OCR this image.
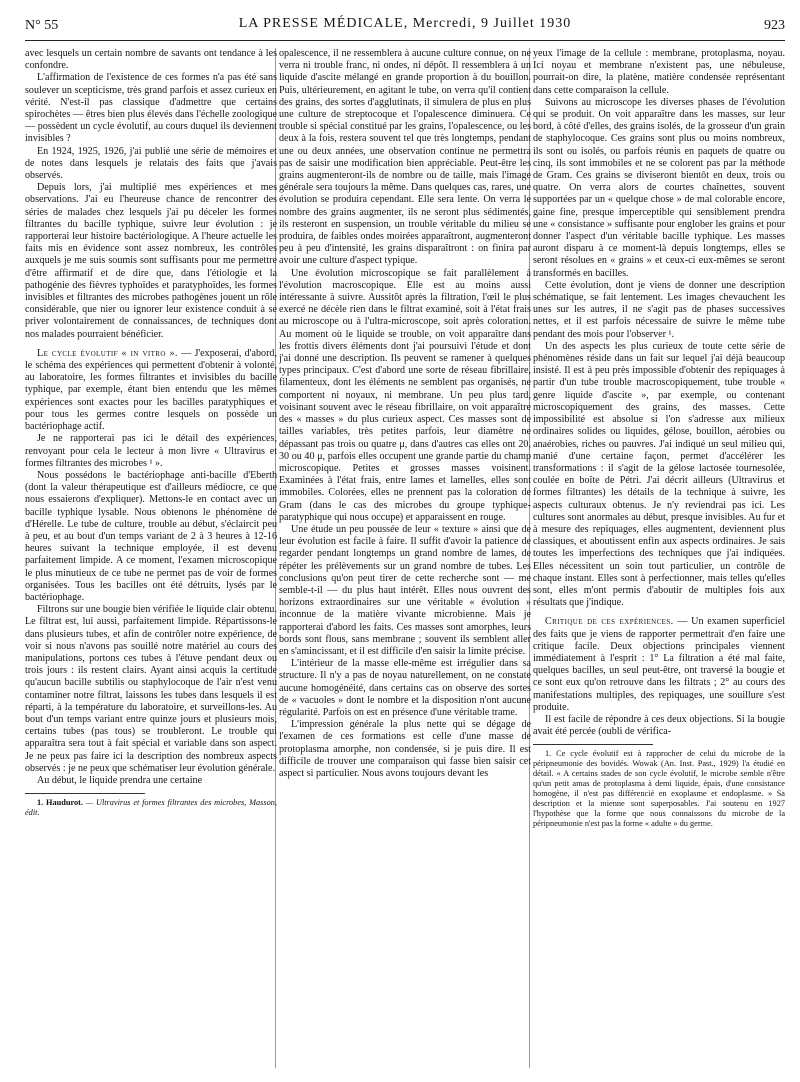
N° 55	LA PRESSE MÉDICALE, Mercredi, 9 Juillet 1930	923

avec lesquels un certain nombre de savants ont tendance à les confondre.

L'affirmation de l'existence de ces formes n'a pas été sans soulever un scepticisme, très grand parfois et assez curieux en vérité. N'est-il pas classique d'admettre que certains spirochètes — êtres bien plus élevés dans l'échelle zoologique — possèdent un cycle évolutif, au cours duquel ils deviennent invisibles ?

En 1924, 1925, 1926, j'ai publié une série de mémoires et de notes dans lesquels je relatais des faits que j'avais observés.

Depuis lors, j'ai multiplié mes expériences et mes observations. J'ai eu l'heureuse chance de rencontrer des séries de malades chez lesquels j'ai pu déceler les formes filtrantes du bacille typhique, suivre leur évolution : je rapporterai leur histoire bactériologique. A l'heure actuelle les faits mis en évidence sont assez nombreux, les contrôles auxquels je me suis soumis sont suffisants pour me permettre d'être affirmatif et de dire que, dans l'étiologie et la pathogénie des fièvres typhoïdes et paratyphoïdes, les formes invisibles et filtrantes des microbes pathogènes jouent un rôle considérable, que nier ou ignorer leur existence conduit à se priver volontairement de connaissances, de techniques dont nos malades pourraient bénéficier.

Le cycle évolutif « in vitro ». — J'exposerai, d'abord, le schéma des expériences qui permettent d'obtenir à volonté, au laboratoire, les formes filtrantes et invisibles du bacille typhique, par exemple, étant bien entendu que les mêmes expériences sont exactes pour les bacilles paratyphiques et pour tous les germes contre lesquels on possède un bactériophage actif.

Je ne rapporterai pas ici le détail des expériences, renvoyant pour cela le lecteur à mon livre « Ultravirus et formes filtrantes des microbes ¹ ».

Nous possédons le bactériophage anti-bacille d'Eberth (dont la valeur thérapeutique est d'ailleurs médiocre, ce que nous essaierons d'expliquer). Mettons-le en contact avec un bacille typhique lysable. Nous obtenons le phénomène de d'Hérelle. Le tube de culture, trouble au début, s'éclaircit peu à peu, et au bout d'un temps variant de 2 à 3 heures à 12-16 heures suivant la technique employée, il est devenu parfaitement limpide. A ce moment, l'examen microscopique le plus minutieux de ce tube ne permet pas de voir de formes organisées. Tous les bacilles ont été détruits, lysés par le bactériophage.

Filtrons sur une bougie bien vérifiée le liquide clair obtenu. Le filtrat est, lui aussi, parfaitement limpide. Répartissons-le dans plusieurs tubes, et afin de contrôler notre expérience, de voir si nous n'avons pas souillé notre matériel au cours des manipulations, portons ces tubes à l'étuve pendant deux ou trois jours : ils restent clairs. Ayant ainsi acquis la certitude qu'aucun bacille subtilis ou staphylocoque de l'air n'est venu contaminer notre filtrat, laissons les tubes dans lesquels il est réparti, à la température du laboratoire, et surveillons-les. Au bout d'un temps variant entre quinze jours et plusieurs mois, certains tubes (pas tous) se troubleront. Le trouble qui apparaîtra sera tout à fait spécial et variable dans son aspect. Je ne peux pas faire ici la description des nombreux aspects observés : je ne peux que schématiser leur évolution générale.

Au début, le liquide prendra une certaine

1. Haudurot. — Ultravirus et formes filtrantes des microbes, Masson, édit.

opalescence, il ne ressemblera à aucune culture connue, on ne verra ni trouble franc, ni ondes, ni dépôt. Il ressemblera à un liquide d'ascite mélangé en grande proportion à du bouillon. Puis, ultérieurement, en agitant le tube, on verra qu'il contient des grains, des sortes d'agglutinats, il simulera de plus en plus une culture de streptocoque et l'opalescence diminuera. Ce trouble si spécial constitué par les grains, l'opalescence, ou les deux à la fois, restera souvent tel que très longtemps, pendant une ou deux années, une observation continue ne permettra pas de saisir une modification bien appréciable. Peut-être les grains augmenteront-ils de nombre ou de taille, mais l'image générale sera toujours la même. Dans quelques cas, rares, une évolution se produira cependant. Elle sera lente. On verra le nombre des grains augmenter, ils ne seront plus sédimentés, ils resteront en suspension, un trouble véritable du milieu se produira, de faibles ondes moirées apparaîtront, augmenteront peu à peu d'intensité, les grains disparaîtront : on finira par avoir une culture d'aspect typique.

Une évolution microscopique se fait parallèlement à l'évolution macroscopique. Elle est au moins aussi intéressante à suivre. Aussitôt après la filtration, l'œil le plus exercé ne décèle rien dans le filtrat examiné, soit à l'état frais au microscope ou à l'ultra-microscope, soit après coloration. Au moment où le liquide se trouble, on voit apparaître dans les frottis divers éléments dont j'ai poursuivi l'étude et dont j'ai donné une description. Ils peuvent se ramener à quelques types principaux. C'est d'abord une sorte de réseau fibrillaire, filamenteux, dont les éléments ne semblent pas organisés, ne comportent ni noyaux, ni membrane. Un peu plus tard, voisinant souvent avec le réseau fibrillaire, on voit apparaître des « masses » du plus curieux aspect. Ces masses sont de tailles variables, très petites parfois, leur diamètre ne dépassant pas trois ou quatre μ, dans d'autres cas elles ont 20, 30 ou 40 μ, parfois elles occupent une grande partie du champ microscopique. Petites et grosses masses voisinent. Examinées à l'état frais, entre lames et lamelles, elles sont immobiles. Colorées, elles ne prennent pas la coloration de Gram (dans le cas des microbes du groupe typhique-paratyphique qui nous occupe) et apparaissent en rouge.

Une étude un peu poussée de leur « texture » ainsi que de leur évolution est facile à faire. Il suffit d'avoir la patience de regarder pendant longtemps un grand nombre de lames, de répéter les prélèvements sur un grand nombre de tubes. Les conclusions qu'on peut tirer de cette recherche sont — me semble-t-il — du plus haut intérêt. Elles nous ouvrent des horizons extraordinaires sur une véritable « évolution » inconnue de la matière vivante microbienne. Mais je rapporterai d'abord les faits. Ces masses sont amorphes, leurs bords sont flous, sans membrane ; souvent ils semblent aller en s'amincissant, et il est difficile d'en saisir la limite précise.

L'intérieur de la masse elle-même est irrégulier dans sa structure. Il n'y a pas de noyau naturellement, on ne constate aucune homogénéité, dans certains cas on observe des sortes de « vacuoles » dont le nombre et la disposition n'ont aucune régularité. Parfois on est en présence d'une véritable trame.

L'impression générale la plus nette qui se dégage de l'examen de ces formations est celle d'une masse de protoplasma amorphe, non condensée, si je puis dire. Il est difficile de trouver une comparaison qui fasse bien saisir cet aspect si particulier. Nous avons toujours devant les

yeux l'image de la cellule : membrane, protoplasma, noyau. Ici noyau et membrane n'existent pas, une nébuleuse, pourrait-on dire, la platène, matière condensée représentant dans cette comparaison la cellule.

Suivons au microscope les diverses phases de l'évolution qui se produit. On voit apparaître dans les masses, sur leur bord, à côté d'elles, des grains isolés, de la grosseur d'un grain de staphylocoque. Ces grains sont plus ou moins nombreux, ils sont ou isolés, ou parfois réunis en paquets de quatre ou cinq, ils sont immobiles et ne se colorent pas par la méthode de Gram. Ces grains se diviseront bientôt en deux, trois ou quatre. On verra alors de courtes chaînettes, souvent supportées par un « quelque chose » de mal colorable encore, gaine fine, presque imperceptible qui sensiblement prendra une « consistance » suffisante pour englober les grains et pour donner l'aspect d'un véritable bacille typhique. Les masses auront disparu à ce moment-là depuis longtemps, elles se seront résolues en « grains » et ceux-ci eux-mêmes se seront transformés en bacilles.

Cette évolution, dont je viens de donner une description schématique, se fait lentement. Les images chevauchent les unes sur les autres, il ne s'agit pas de phases successives nettes, et il est parfois nécessaire de suivre le même tube pendant des mois pour l'observer ¹.

Un des aspects les plus curieux de toute cette série de phénomènes réside dans un fait sur lequel j'ai déjà beaucoup insisté. Il est à peu près impossible d'obtenir des repiquages à partir d'un tube trouble macroscopiquement, tube trouble « genre liquide d'ascite », par exemple, ou contenant microscopiquement des grains, des masses. Cette impossibilité est absolue si l'on s'adresse aux milieux ordinaires solides ou liquides, gélose, bouillon, aérobies ou anaérobies, riches ou pauvres. J'ai indiqué un seul milieu qui, manié d'une certaine façon, permet d'accélérer les transformations : il s'agit de la gélose lactosée tournesolée, coulée en boîte de Pétri. J'ai décrit ailleurs (Ultravirus et formes filtrantes) les détails de la technique à suivre, les aspects culturaux obtenus. Je n'y reviendrai pas ici. Les cultures sont anormales au début, presque invisibles. Au fur et à mesure des repiquages, elles augmentent, deviennent plus classiques, et aboutissent enfin aux aspects ordinaires. Je sais toutes les imperfections des techniques que j'ai indiquées. Elles nécessitent un soin tout particulier, un contrôle de chaque instant. Elles sont à perfectionner, mais telles qu'elles sont, elles m'ont permis d'aboutir de multiples fois aux résultats que j'indique.

Critique de ces expériences. — Un examen superficiel des faits que je viens de rapporter permettrait d'en faire une critique facile. Deux objections principales viennent immédiatement à l'esprit : 1° La filtration a été mal faite, quelques bacilles, un seul peut-être, ont traversé la bougie et ce sont eux qu'on retrouve dans les filtrats ; 2° au cours des manifestations multiples, des repiquages, une souillure s'est produite.

Il est facile de répondre à ces deux objections. Si la bougie avait été percée (oubli de vérifica-

1. Ce cycle évolutif est à rapprocher de celui du microbe de la péripneumonie des bovidés. Wowak (An. Inst. Past., 1929) l'a étudié en détail. « A certains stades de son cycle évolutif, le microbe semble n'être qu'un petit amas de protoplasma à demi liquide, épais, d'une consistance homogène, il n'est pas différencié en exoplasme et endoplasme. » Sa description et la mienne sont superposables. J'ai soutenu en 1927 l'hypothèse que la forme que nous connaissons du microbe de la péripneumonie n'est pas la forme « adulte » du germe.
